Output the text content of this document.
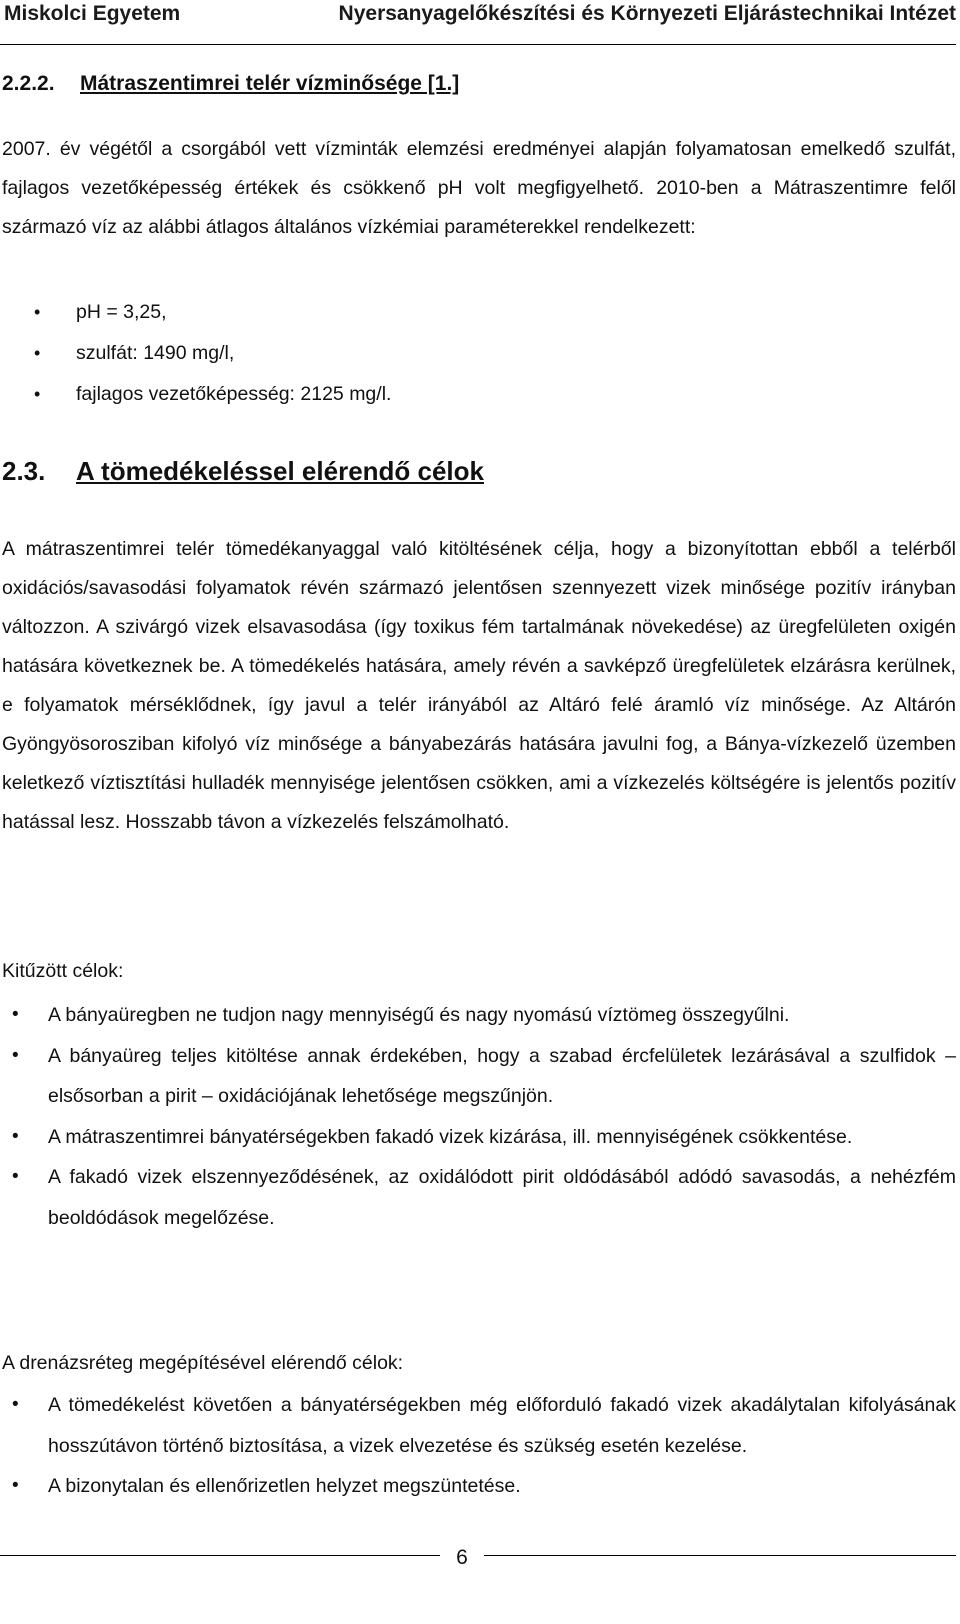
Miskolci Egyetem	Nyersanyagelőkészítési és Környezeti Eljárástechnikai Intézet
2.2.2. Mátraszentimrei telér vízminősége [1.]
2007. év végétől a csorgából vett vízminták elemzési eredményei alapján folyamatosan emelkedő szulfát, fajlagos vezetőképesség értékek és csökkenő pH volt megfigyelhető. 2010-ben a Mátraszentimre felől származó víz az alábbi átlagos általános vízkémiai paraméterekkel rendelkezett:
• pH = 3,25,
• szulfát: 1490 mg/l,
• fajlagos vezetőképesség: 2125 mg/l.
2.3. A tömedékeléssel elérendő célok
A mátraszentimrei telér tömedékanyaggal való kitöltésének célja, hogy a bizonyítottan ebből a telérből oxidációs/savasodási folyamatok révén származó jelentősen szennyezett vizek minősége pozitív irányban változzon. A szivárgó vizek elsavasodása (így toxikus fém tartalmának növekedése) az üregfelületen oxigén hatására következnek be. A tömedékelés hatására, amely révén a savképző üregfelületek elzárásra kerülnek, e folyamatok mérséklődnek, így javul a telér irányából az Altáró felé áramló víz minősége. Az Altárón Gyöngyösorosziban kifolyó víz minősége a bányabezárás hatására javulni fog, a Bánya-vízkezelő üzemben keletkező víztisztítási hulladék mennyisége jelentősen csökken, ami a vízkezelés költségére is jelentős pozitív hatással lesz. Hosszabb távon a vízkezelés felszámolható.
Kitűzött célok:
• A bányaüregben ne tudjon nagy mennyiségű és nagy nyomású víztömeg összegyűlni.
• A bányaüreg teljes kitöltése annak érdekében, hogy a szabad ércfelületek lezárásával a szulfidok – elsősorban a pirit – oxidációjának lehetősége megszűnjön.
• A mátraszentimrei bányatérségekben fakadó vizek kizárása, ill. mennyiségének csökkentése.
• A fakadó vizek elszennyeződésének, az oxidálódott pirit oldódásából adódó savasodás, a nehézfém beoldódások megelőzése.
A drenázsréteg megépítésével elérendő célok:
• A tömedékelést követően a bányatérségekben még előforduló fakadó vizek akadálytalan kifolyásának hosszútávon történő biztosítása, a vizek elvezetése és szükség esetén kezelése.
• A bizonytalan és ellenőrizetlen helyzet megszüntetése.
6
